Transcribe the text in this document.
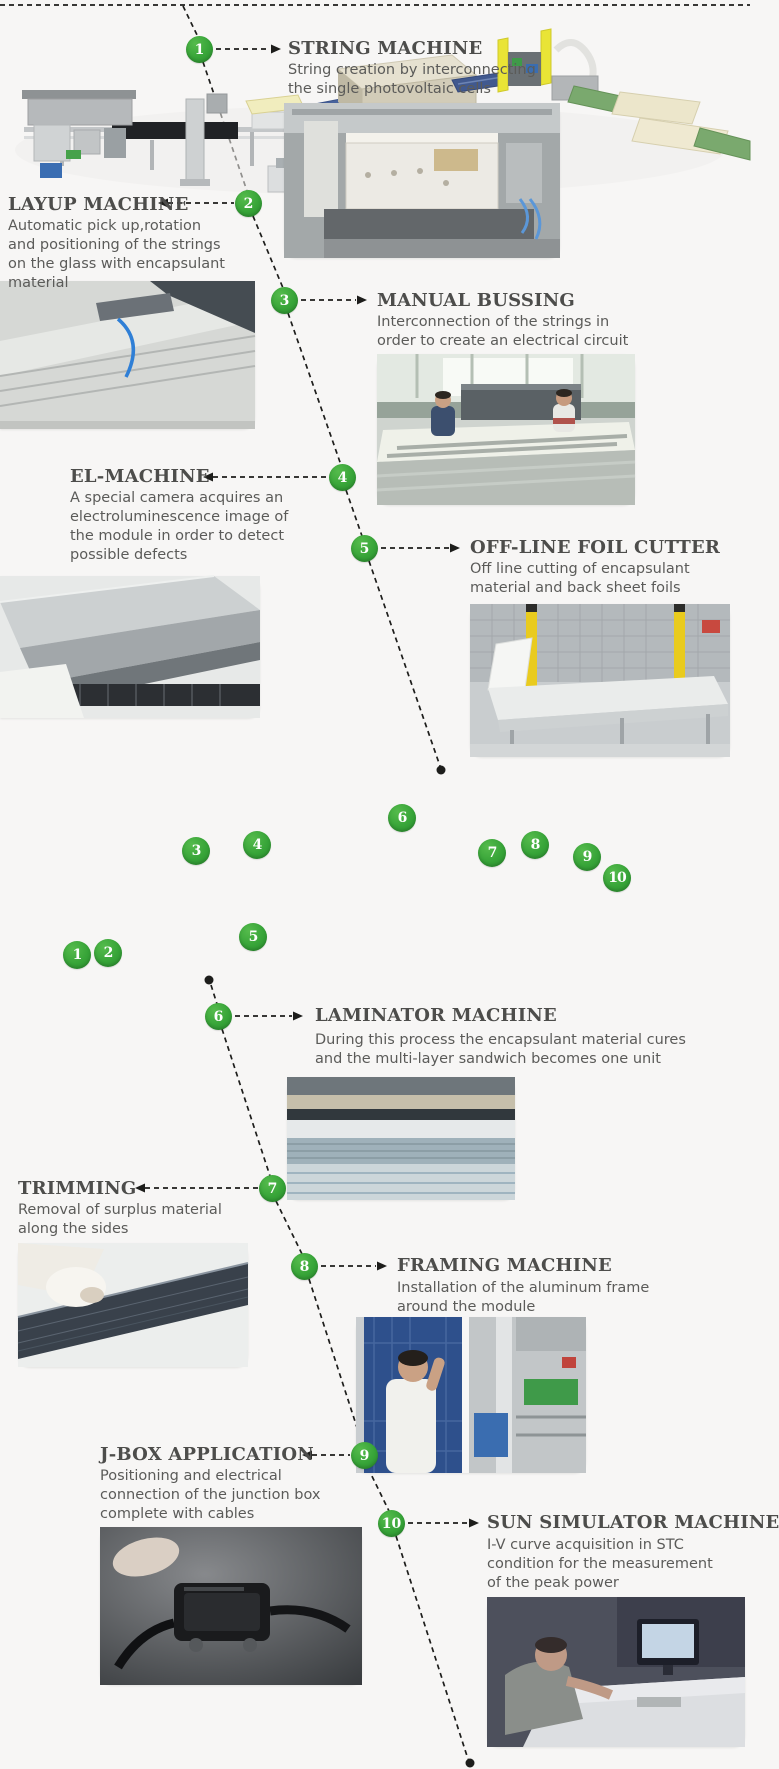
1
2
3
4
5
6
7
8
9
10
1	2
3	4
5
6
7	8
9
10
STRING MACHINE
String creation by interconnecting the single photovoltaic cells
LAYUP MACHINE
Automatic pick up,rotation and positioning of the strings on the glass with encapsulant material
MANUAL BUSSING
Interconnection of the strings in order to create an electrical circuit
EL-MACHINE
A special camera acquires an electroluminescence image of the module in order to detect possible defects	OFF-LINE FOIL CUTTER
Off line cutting of encapsulant material and back sheet foils
LAMINATOR MACHINE
During this process the encapsulant material cures and the multi-layer sandwich becomes one unit
TRIMMING
Removal of surplus material along the sides
FRAMING MACHINE
Installation of the aluminum frame around the module
J-BOX APPLICATION
Positioning and electrical connection of the junction box complete with cables	SUN SIMULATOR MACHINE
I-V curve acquisition in STC condition for the measurement of the peak power
